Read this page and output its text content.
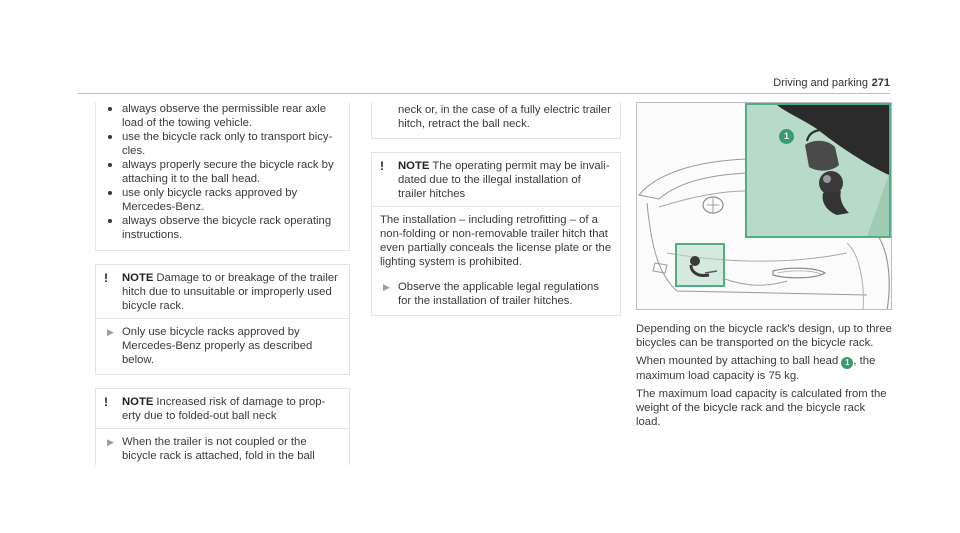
Driving and parking 271
always observe the permissible rear axle load of the towing vehicle.
use the bicycle rack only to transport bicy- cles.
always properly secure the bicycle rack by attaching it to the ball head.
use only bicycle racks approved by Mercedes-Benz.
always observe the bicycle rack operating instructions.
!	NOTE Damage to or breakage of the trailer hitch due to unsuitable or improperly used bicycle rack.
▶ Only use bicycle racks approved by Mercedes-Benz properly as described below.
!	NOTE Increased risk of damage to prop- erty due to folded-out ball neck
▶ When the trailer is not coupled or the bicycle rack is attached, fold in the ball
neck or, in the case of a fully electric trailer hitch, retract the ball neck.
!	NOTE The operating permit may be invali- dated due to the illegal installation of trailer hitches

The installation – including retrofitting – of a non-folding or non-removable trailer hitch that even partially conceals the license plate or the lighting system is prohibited.

▶ Observe the applicable legal regulations for the installation of trailer hitches.
1

Depending on the bicycle rack's design, up to three bicycles can be transported on the bicycle rack.

When mounted by attaching to ball head 1 , the maximum load capacity is 75 kg.

The maximum load capacity is calculated from the weight of the bicycle rack and the bicycle rack load.
